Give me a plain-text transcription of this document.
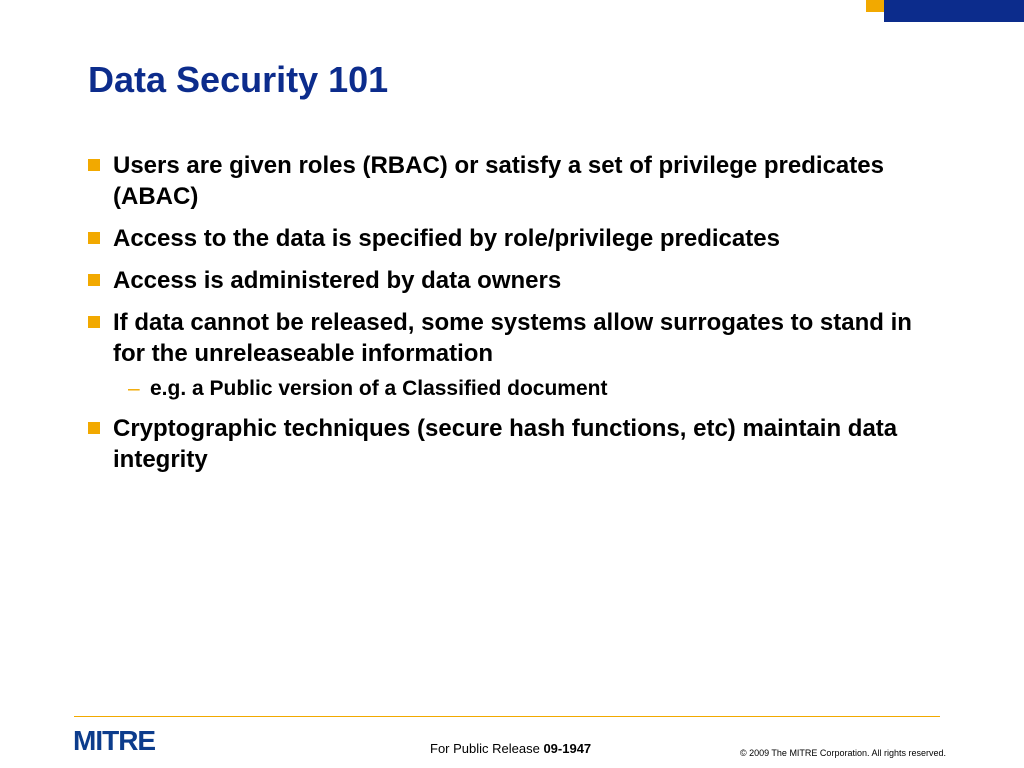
Data Security 101
Users are given roles (RBAC) or satisfy a set of privilege predicates (ABAC)
Access to the data is specified by role/privilege predicates
Access is administered by data owners
If data cannot be released, some systems allow surrogates to stand in for the unreleaseable information
– e.g. a Public version of a Classified document
Cryptographic techniques (secure hash functions, etc) maintain data integrity
MITRE	For Public Release 09-1947	© 2009 The MITRE Corporation. All rights reserved.
